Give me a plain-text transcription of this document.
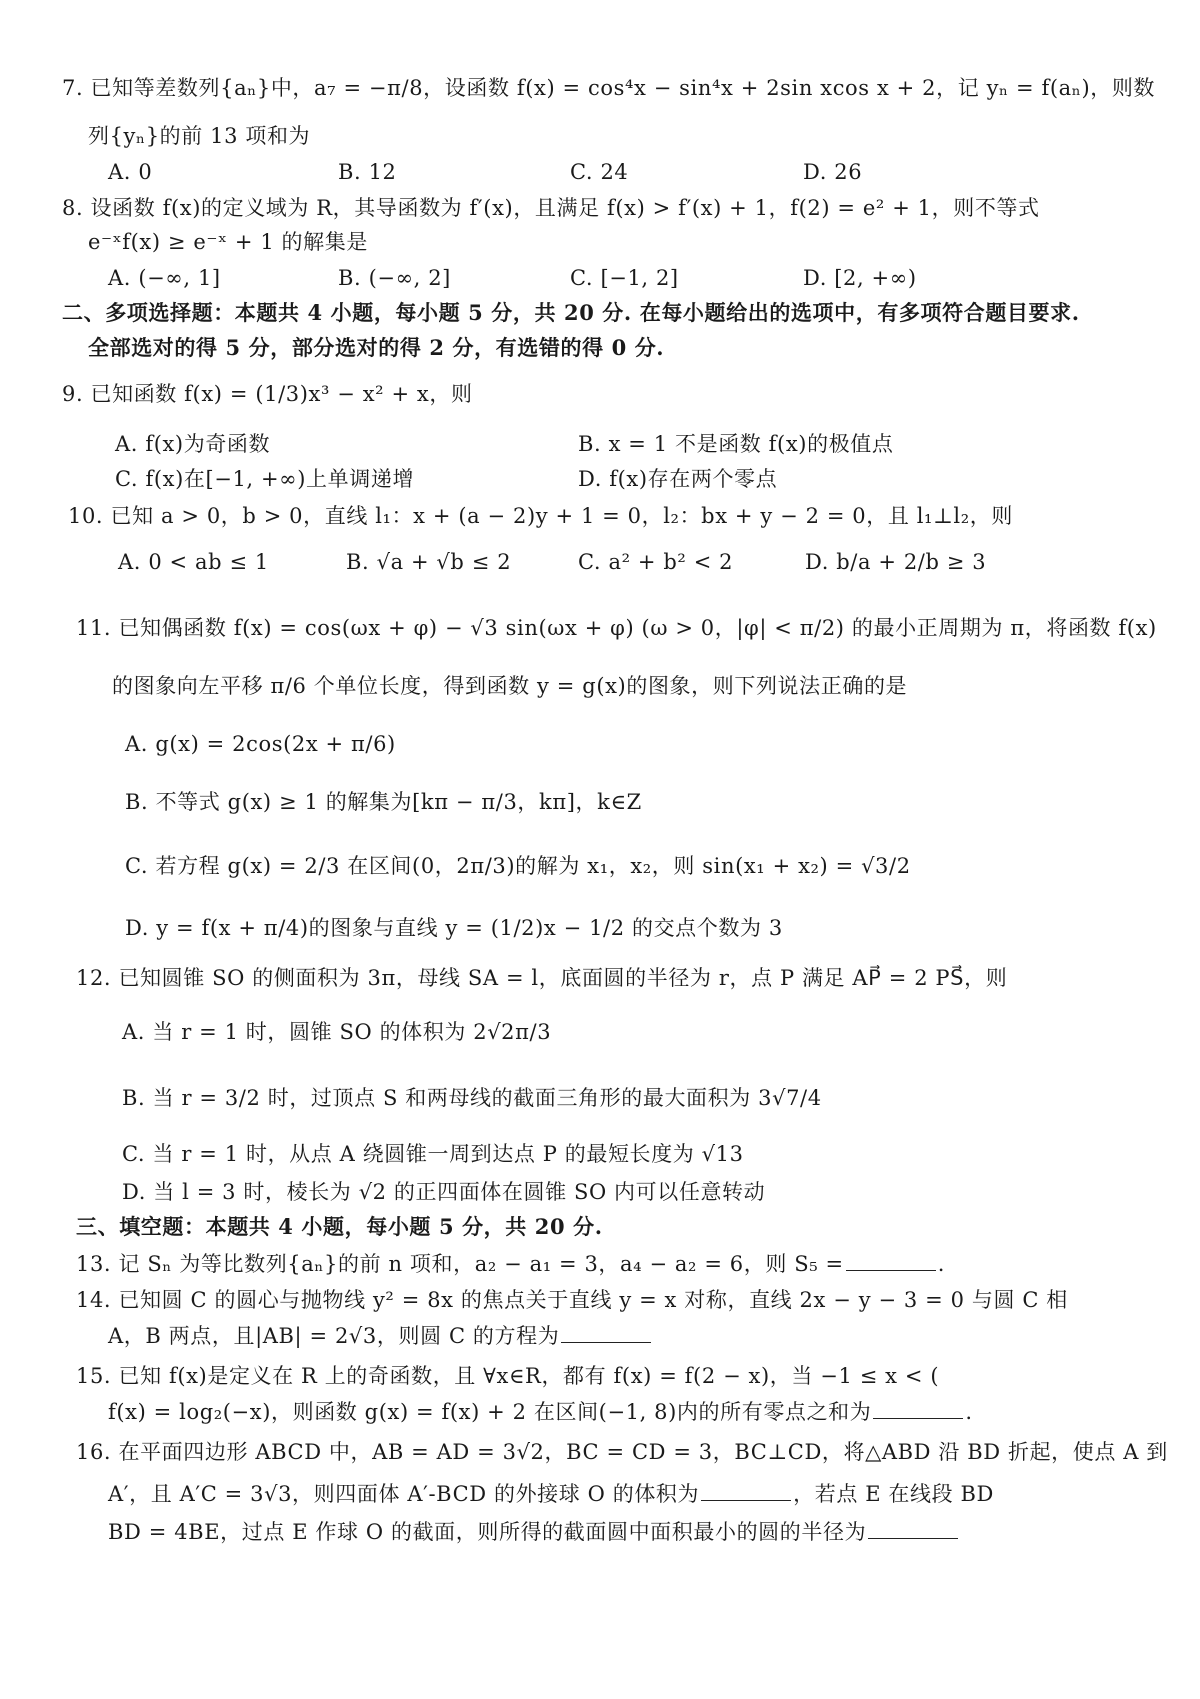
7. 已知等差数列{aₙ}中，a₇ = −π/8，设函数 f(x) = cos⁴x − sin⁴x + 2sin xcos x + 2，记 yₙ = f(aₙ)，则数
列{yₙ}的前 13 项和为
A. 0	B. 12	C. 24	D. 26
8. 设函数 f(x)的定义域为 R，其导函数为 f′(x)，且满足 f(x) > f′(x) + 1，f(2) = e² + 1，则不等式
e⁻ˣf(x) ≥ e⁻ˣ + 1 的解集是
A. (−∞, 1]	B. (−∞, 2]	C. [−1, 2]	D. [2, +∞)
二、多项选择题：本题共 4 小题，每小题 5 分，共 20 分. 在每小题给出的选项中，有多项符合题目要求.
全部选对的得 5 分，部分选对的得 2 分，有选错的得 0 分.
9. 已知函数 f(x) = (1/3)x³ − x² + x，则
A. f(x)为奇函数	B. x = 1 不是函数 f(x)的极值点
C. f(x)在[−1, +∞)上单调递增	D. f(x)存在两个零点
10. 已知 a > 0，b > 0，直线 l₁：x + (a − 2)y + 1 = 0，l₂：bx + y − 2 = 0，且 l₁⊥l₂，则
A. 0 < ab ≤ 1	B. √a + √b ≤ 2	C. a² + b² < 2	D. b/a + 2/b ≥ 3
11. 已知偶函数 f(x) = cos(ωx + φ) − √3 sin(ωx + φ) (ω > 0，|φ| < π/2) 的最小正周期为 π，将函数 f(x)
的图象向左平移 π/6 个单位长度，得到函数 y = g(x)的图象，则下列说法正确的是
A. g(x) = 2cos(2x + π/6)
B. 不等式 g(x) ≥ 1 的解集为[kπ − π/3，kπ]，k∈Z
C. 若方程 g(x) = 2/3 在区间(0，2π/3)的解为 x₁，x₂，则 sin(x₁ + x₂) = √3/2
D. y = f(x + π/4)的图象与直线 y = (1/2)x − 1/2 的交点个数为 3
12. 已知圆锥 SO 的侧面积为 3π，母线 SA = l，底面圆的半径为 r，点 P 满足 AP⃗ = 2 PS⃗，则
A. 当 r = 1 时，圆锥 SO 的体积为 2√2π/3
B. 当 r = 3/2 时，过顶点 S 和两母线的截面三角形的最大面积为 3√7/4
C. 当 r = 1 时，从点 A 绕圆锥一周到达点 P 的最短长度为 √13
D. 当 l = 3 时，棱长为 √2 的正四面体在圆锥 SO 内可以任意转动
三、填空题：本题共 4 小题，每小题 5 分，共 20 分.
13. 记 Sₙ 为等比数列{aₙ}的前 n 项和，a₂ − a₁ = 3，a₄ − a₂ = 6，则 S₅ =	.
14. 已知圆 C 的圆心与抛物线 y² = 8x 的焦点关于直线 y = x 对称，直线 2x − y − 3 = 0 与圆 C 相
A，B 两点，且|AB| = 2√3，则圆 C 的方程为
15. 已知 f(x)是定义在 R 上的奇函数，且 ∀x∈R，都有 f(x) = f(2 − x)，当 −1 ≤ x < (
f(x) = log₂(−x)，则函数 g(x) = f(x) + 2 在区间(−1, 8)内的所有零点之和为	.
16. 在平面四边形 ABCD 中，AB = AD = 3√2，BC = CD = 3，BC⊥CD，将△ABD 沿 BD 折起，使点 A 到
A′，且 A′C = 3√3，则四面体 A′-BCD 的外接球 O 的体积为	，若点 E 在线段 BD
BD = 4BE，过点 E 作球 O 的截面，则所得的截面圆中面积最小的圆的半径为
